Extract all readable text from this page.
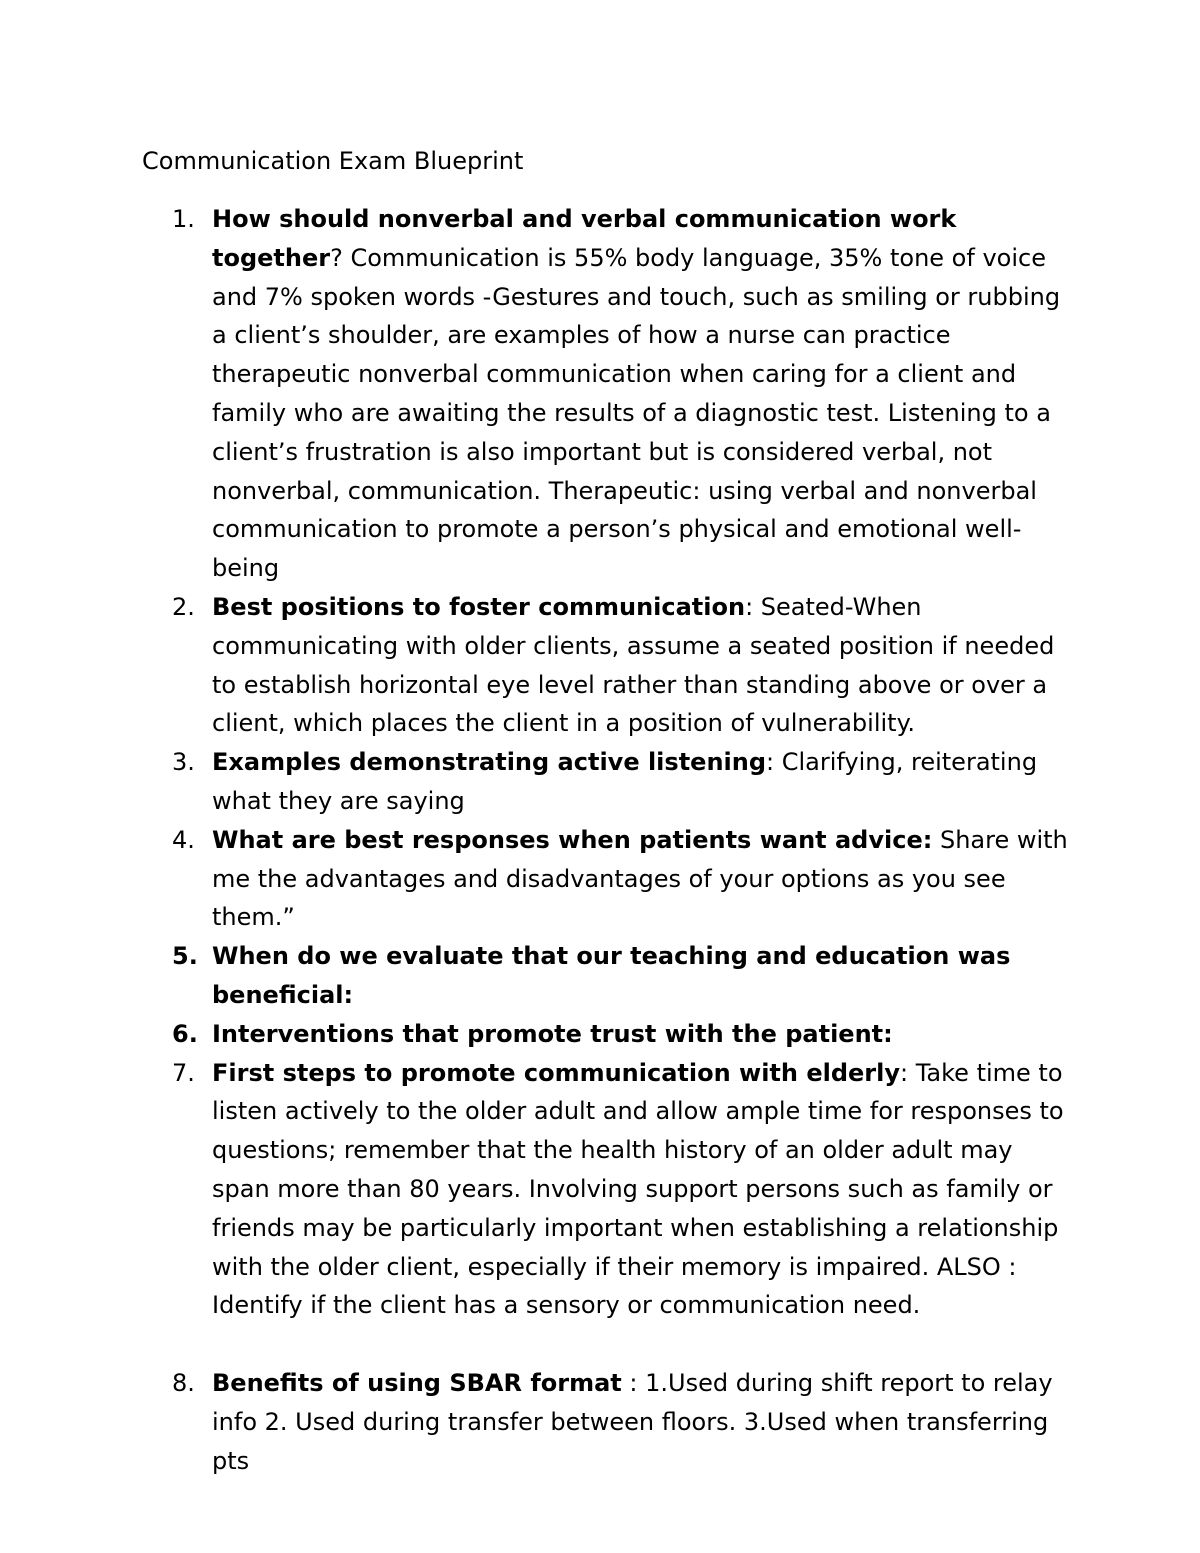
Communication Exam Blueprint
1. How should nonverbal and verbal communication work together? Communication is 55% body language, 35% tone of voice and 7% spoken words -Gestures and touch, such as smiling or rubbing a client’s shoulder, are examples of how a nurse can practice therapeutic nonverbal communication when caring for a client and family who are awaiting the results of a diagnostic test. Listening to a client’s frustration is also important but is considered verbal, not nonverbal, communication. Therapeutic: using verbal and nonverbal communication to promote a person’s physical and emotional well-being
2. Best positions to foster communication: Seated-When communicating with older clients, assume a seated position if needed to establish horizontal eye level rather than standing above or over a client, which places the client in a position of vulnerability.
3. Examples demonstrating active listening: Clarifying, reiterating what they are saying
4. What are best responses when patients want advice: Share with me the advantages and disadvantages of your options as you see them.”
5. When do we evaluate that our teaching and education was beneficial:
6. Interventions that promote trust with the patient:
7. First steps to promote communication with elderly: Take time to listen actively to the older adult and allow ample time for responses to questions; remember that the health history of an older adult may span more than 80 years. Involving support persons such as family or friends may be particularly important when establishing a relationship with the older client, especially if their memory is impaired. ALSO : Identify if the client has a sensory or communication need.
8. Benefits of using SBAR format : 1.Used during shift report to relay info 2. Used during transfer between floors. 3.Used when transferring pts
